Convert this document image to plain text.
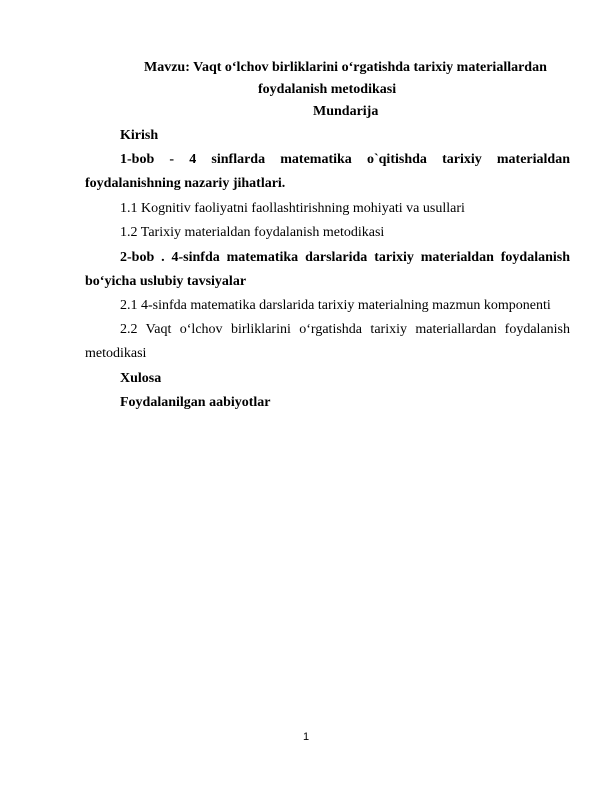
Mavzu: Vaqt o‘lchov birliklarini o‘rgatishda tarixiy materiallardan
foydalanish metodikasi
Mundarija
Kirish
1-bob - 4 sinflarda matematika o`qitishda tarixiy materialdan
foydalanishning nazariy jihatlari.
1.1 Kognitiv faoliyatni faollashtirishning mohiyati va usullari
1.2 Tarixiy materialdan foydalanish metodikasi
2-bob . 4-sinfda matematika darslarida tarixiy materialdan foydalanish
bo‘yicha uslubiy tavsiyalar
2.1 4-sinfda matematika darslarida tarixiy materialning mazmun komponenti
2.2 Vaqt o‘lchov birliklarini o‘rgatishda tarixiy materiallardan foydalanish
metodikasi
Xulosa
Foydalanilgan aabiyotlar
1
